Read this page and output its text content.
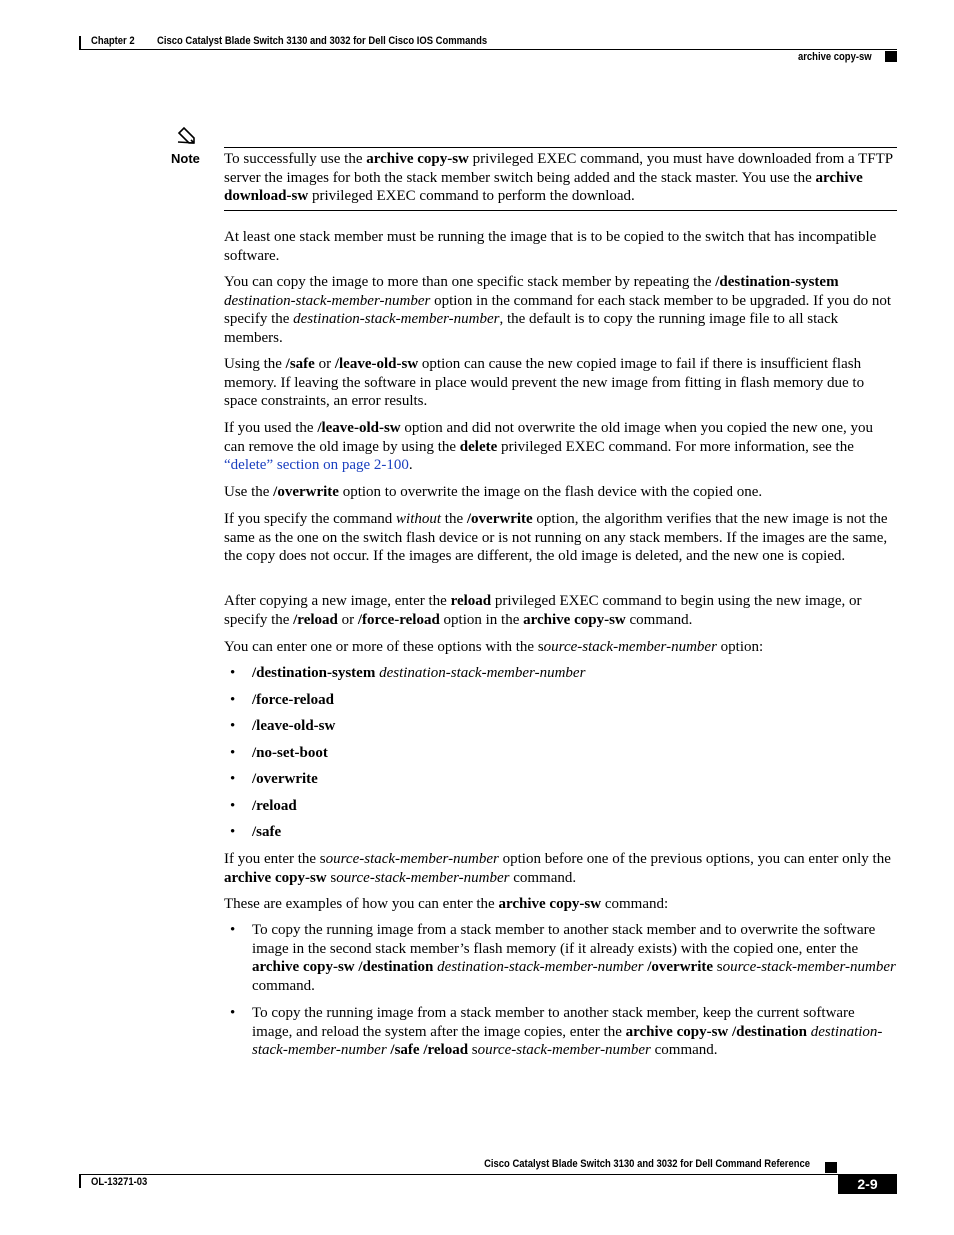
Chapter 2 Cisco Catalyst Blade Switch 3130 and 3032 for Dell Cisco IOS Commands
archive copy-sw
Note To successfully use the archive copy-sw privileged EXEC command, you must have downloaded from a TFTP server the images for both the stack member switch being added and the stack master. You use the archive download-sw privileged EXEC command to perform the download.

At least one stack member must be running the image that is to be copied to the switch that has incompatible software.

You can copy the image to more than one specific stack member by repeating the /destination-system destination-stack-member-number option in the command for each stack member to be upgraded. If you do not specify the destination-stack-member-number, the default is to copy the running image file to all stack members.

Using the /safe or /leave-old-sw option can cause the new copied image to fail if there is insufficient flash memory. If leaving the software in place would prevent the new image from fitting in flash memory due to space constraints, an error results.

If you used the /leave-old-sw option and did not overwrite the old image when you copied the new one, you can remove the old image by using the delete privileged EXEC command. For more information, see the “delete” section on page 2-100.

Use the /overwrite option to overwrite the image on the flash device with the copied one.

If you specify the command without the /overwrite option, the algorithm verifies that the new image is not the same as the one on the switch flash device or is not running on any stack members. If the images are the same, the copy does not occur. If the images are different, the old image is deleted, and the new one is copied.

After copying a new image, enter the reload privileged EXEC command to begin using the new image, or specify the /reload or /force-reload option in the archive copy-sw command.

You can enter one or more of these options with the source-stack-member-number option:

• /destination-system destination-stack-member-number
• /force-reload
• /leave-old-sw
• /no-set-boot
• /overwrite
• /reload
• /safe

If you enter the source-stack-member-number option before one of the previous options, you can enter only the archive copy-sw source-stack-member-number command.

These are examples of how you can enter the archive copy-sw command:

• To copy the running image from a stack member to another stack member and to overwrite the software image in the second stack member’s flash memory (if it already exists) with the copied one, enter the archive copy-sw /destination destination-stack-member-number /overwrite source-stack-member-number command.
• To copy the running image from a stack member to another stack member, keep the current software image, and reload the system after the image copies, enter the archive copy-sw /destination destination-stack-member-number /safe /reload source-stack-member-number command.
Cisco Catalyst Blade Switch 3130 and 3032 for Dell Command Reference
OL-13271-03	2-9
